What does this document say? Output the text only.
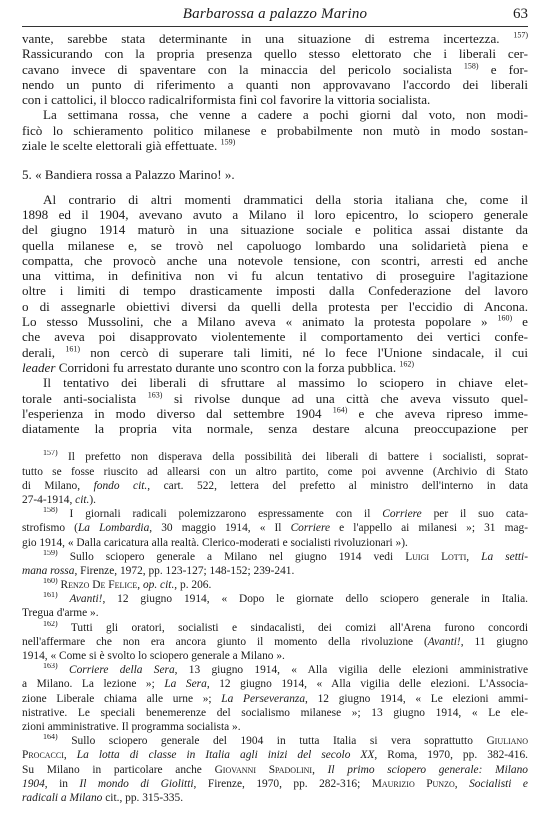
Barbarossa a palazzo Marino	63
vante, sarebbe stata determinante in una situazione di estrema incertezza. $^{157)}$
Rassicurando con la propria presenza quello stesso elettorato che i liberali cer-
cavano invece di spaventare con la minaccia del pericolo socialista $^{158)}$ e for-
nendo un punto di riferimento a quanti non approvavano l'accordo dei liberali
con i cattolici, il blocco radicalriformista finì col favorire la vittoria socialista.
La settimana rossa, che venne a cadere a pochi giorni dal voto, non modi-
ficò lo schieramento politico milanese e probabilmente non mutò in modo sostan-
ziale le scelte elettorali già effettuate. $^{159)}$
5. « Bandiera rossa a Palazzo Marino! ».
Al contrario di altri momenti drammatici della storia italiana che, come il
1898 ed il 1904, avevano avuto a Milano il loro epicentro, lo sciopero generale
del giugno 1914 maturò in una situazione sociale e politica assai distante da
quella milanese e, se trovò nel capoluogo lombardo una solidarietà piena e
compatta, che provocò anche una notevole tensione, con scontri, arresti ed anche
una vittima, in definitiva non vi fu alcun tentativo di proseguire l'agitazione
oltre i limiti di tempo drasticamente imposti dalla Confederazione del lavoro
o di assegnarle obiettivi diversi da quelli della protesta per l'eccidio di Ancona.
Lo stesso Mussolini, che a Milano aveva « animato la protesta popolare » $^{160)}$ e
che aveva poi disapprovato violentemente il comportamento dei vertici confe-
derali, $^{161)}$ non cercò di superare tali limiti, né lo fece l'Unione sindacale, il cui
leader Corridoni fu arrestato durante uno scontro con la forza pubblica. $^{162)}$
Il tentativo dei liberali di sfruttare al massimo lo sciopero in chiave elet-
torale anti-socialista $^{163)}$ si rivolse dunque ad una città che aveva vissuto quel-
l'esperienza in modo diverso dal settembre 1904 $^{164)}$ e che aveva ripreso imme-
diatamente la propria vita normale, senza destare alcuna preoccupazione per
$^{157)}$ Il prefetto non disperava della possibilità dei liberali di battere i socialisti, soprat-
tutto se fosse riuscito ad allearsi con un altro partito, come poi avvenne (Archivio di Stato
di Milano, fondo cit., cart. 522, lettera del prefetto al ministro dell'interno in data
27-4-1914, cit.).
$^{158)}$ I giornali radicali polemizzarono espressamente con il Corriere per il suo cata-
strofismo (La Lombardia, 30 maggio 1914, « Il Corriere e l'appello ai milanesi »; 31 mag-
gio 1914, « Dalla caricatura alla realtà. Clerico-moderati e socialisti rivoluzionari »).
$^{159)}$ Sullo sciopero generale a Milano nel giugno 1914 vedi Luigi Lotti, La setti-
mana rossa, Firenze, 1972, pp. 123-127; 148-152; 239-241.
$^{160)}$ Renzo De Felice, op. cit., p. 206.
$^{161)}$ Avanti!, 12 giugno 1914, « Dopo le giornate dello sciopero generale in Italia.
Tregua d'arme ».
$^{162)}$ Tutti gli oratori, socialisti e sindacalisti, dei comizi all'Arena furono concordi
nell'affermare che non era ancora giunto il momento della rivoluzione (Avanti!, 11 giugno
1914, « Come si è svolto lo sciopero generale a Milano ».
$^{163)}$ Corriere della Sera, 13 giugno 1914, « Alla vigilia delle elezioni amministrative
a Milano. La lezione »; La Sera, 12 giugno 1914, « Alla vigilia delle elezioni. L'Associa-
zione Liberale chiama alle urne »; La Perseveranza, 12 giugno 1914, « Le elezioni ammi-
nistrative. Le speciali benemerenze del socialismo milanese »; 13 giugno 1914, « Le ele-
zioni amministrative. Il programma socialista ».
$^{164)}$ Sullo sciopero generale del 1904 in tutta Italia si vera soprattutto Giuliano
Procacci, La lotta di classe in Italia agli inizi del secolo XX, Roma, 1970, pp. 382-416.
Su Milano in particolare anche Giovanni Spadolini, Il primo sciopero generale: Milano
1904, in Il mondo di Giolitti, Firenze, 1970, pp. 282-316; Maurizio Punzo, Socialisti e
radicali a Milano cit., pp. 315-335.
